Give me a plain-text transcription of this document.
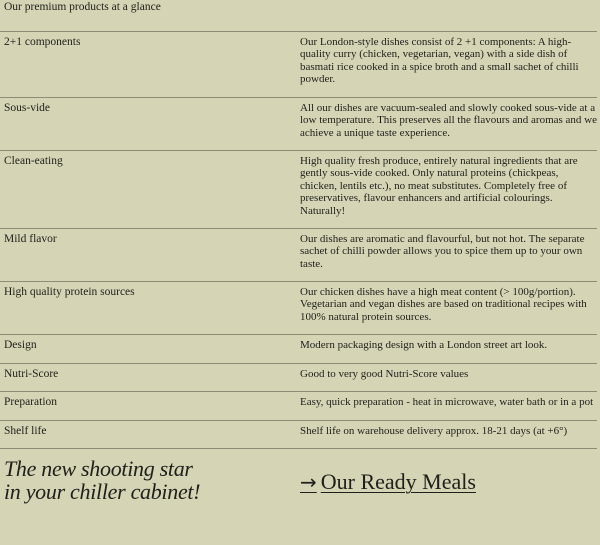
Our premium products at a glance
2+1 components	Our London-style dishes consist of 2 +1 components: A high-quality curry (chicken, vegetarian, vegan) with a side dish of basmati rice cooked in a spice broth and a small sachet of chilli powder.
Sous-vide	All our dishes are vacuum-sealed and slowly cooked sous-vide at a low temperature. This preserves all the flavours and aromas and we achieve a unique taste experience.
Clean-eating	High quality fresh produce, entirely natural ingredients that are gently sous-vide cooked. Only natural proteins (chickpeas, chicken, lentils etc.), no meat substitutes. Completely free of preservatives, flavour enhancers and artificial colourings. Naturally!
Mild flavor	Our dishes are aromatic and flavourful, but not hot. The separate sachet of chilli powder allows you to spice them up to your own taste.
High quality protein sources	Our chicken dishes have a high meat content (> 100g/portion). Vegetarian and vegan dishes are based on traditional recipes with 100% natural protein sources.
Design	Modern packaging design with a London street art look.
Nutri-Score	Good to very good Nutri-Score values
Preparation	Easy, quick preparation - heat in microwave, water bath or in a pot
Shelf life	Shelf life on warehouse delivery approx. 18-21 days (at +6°)
The new shooting star
in your chiller cabinet!	→ Our Ready Meals
